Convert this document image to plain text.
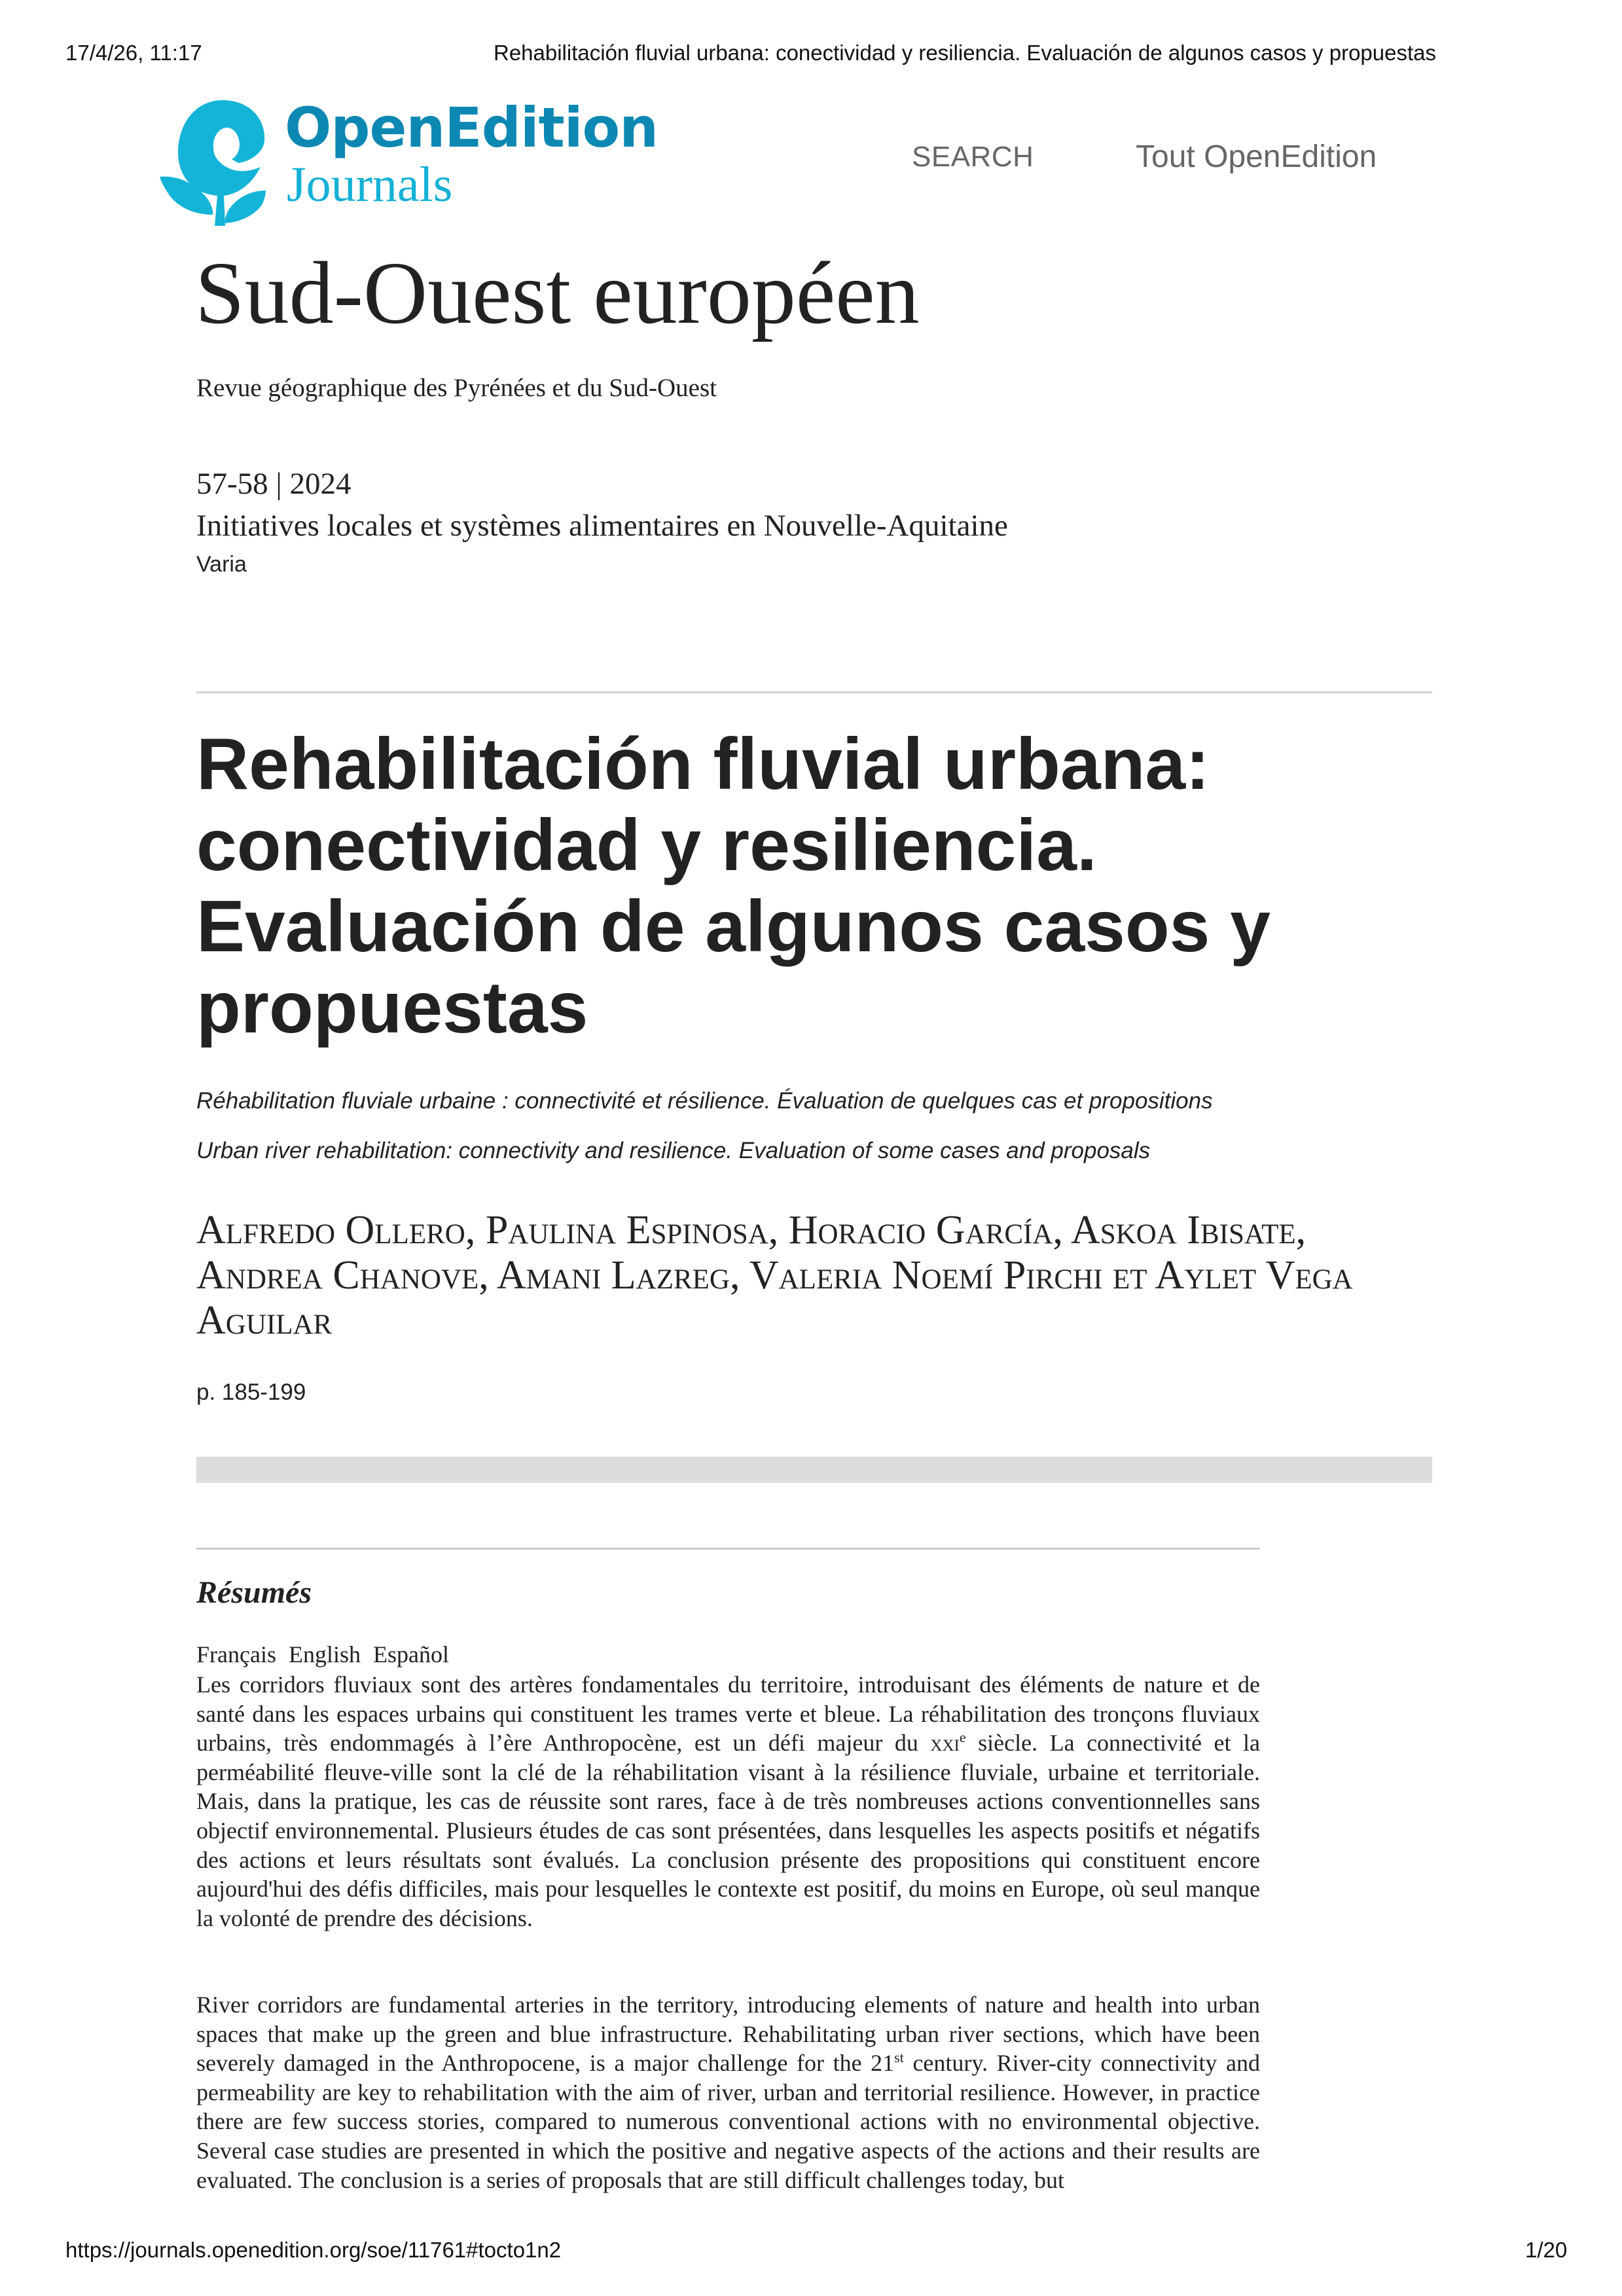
17/4/26, 11:17	Rehabilitación fluvial urbana: conectividad y resiliencia. Evaluación de algunos casos y propuestas
OpenEdition
Journals
SEARCH	Tout OpenEdition
Sud-Ouest européen
Revue géographique des Pyrénées et du Sud-Ouest
57-58 | 2024
Initiatives locales et systèmes alimentaires en Nouvelle-Aquitaine
Varia
Rehabilitación fluvial urbana: conectividad y resiliencia. Evaluación de algunos casos y propuestas
Réhabilitation fluviale urbaine : connectivité et résilience. Évaluation de quelques cas et propositions
Urban river rehabilitation: connectivity and resilience. Evaluation of some cases and proposals
Alfredo Ollero, Paulina Espinosa, Horacio García, Askoa Ibisate, Andrea Chanove, Amani Lazreg, Valeria Noemí Pirchi et Aylet Vega Aguilar
p. 185-199
Résumés
Français English Español
Les corridors fluviaux sont des artères fondamentales du territoire, introduisant des éléments de nature et de santé dans les espaces urbains qui constituent les trames verte et bleue. La réhabilitation des tronçons fluviaux urbains, très endommagés à l’ère Anthropocène, est un défi majeur du xxi$^e$ siècle. La connectivité et la perméabilité fleuve-ville sont la clé de la réhabilitation visant à la résilience fluviale, urbaine et territoriale. Mais, dans la pratique, les cas de réussite sont rares, face à de très nombreuses actions conventionnelles sans objectif environnemental. Plusieurs études de cas sont présentées, dans lesquelles les aspects positifs et négatifs des actions et leurs résultats sont évalués. La conclusion présente des propositions qui constituent encore aujourd'hui des défis difficiles, mais pour lesquelles le contexte est positif, du moins en Europe, où seul manque la volonté de prendre des décisions.
River corridors are fundamental arteries in the territory, introducing elements of nature and health into urban spaces that make up the green and blue infrastructure. Rehabilitating urban river sections, which have been severely damaged in the Anthropocene, is a major challenge for the 21st century. River-city connectivity and permeability are key to rehabilitation with the aim of river, urban and territorial resilience. However, in practice there are few success stories, compared to numerous conventional actions with no environmental objective. Several case studies are presented in which the positive and negative aspects of the actions and their results are evaluated. The conclusion is a series of proposals that are still difficult challenges today, but
https://journals.openedition.org/soe/11761#tocto1n2	1/20
